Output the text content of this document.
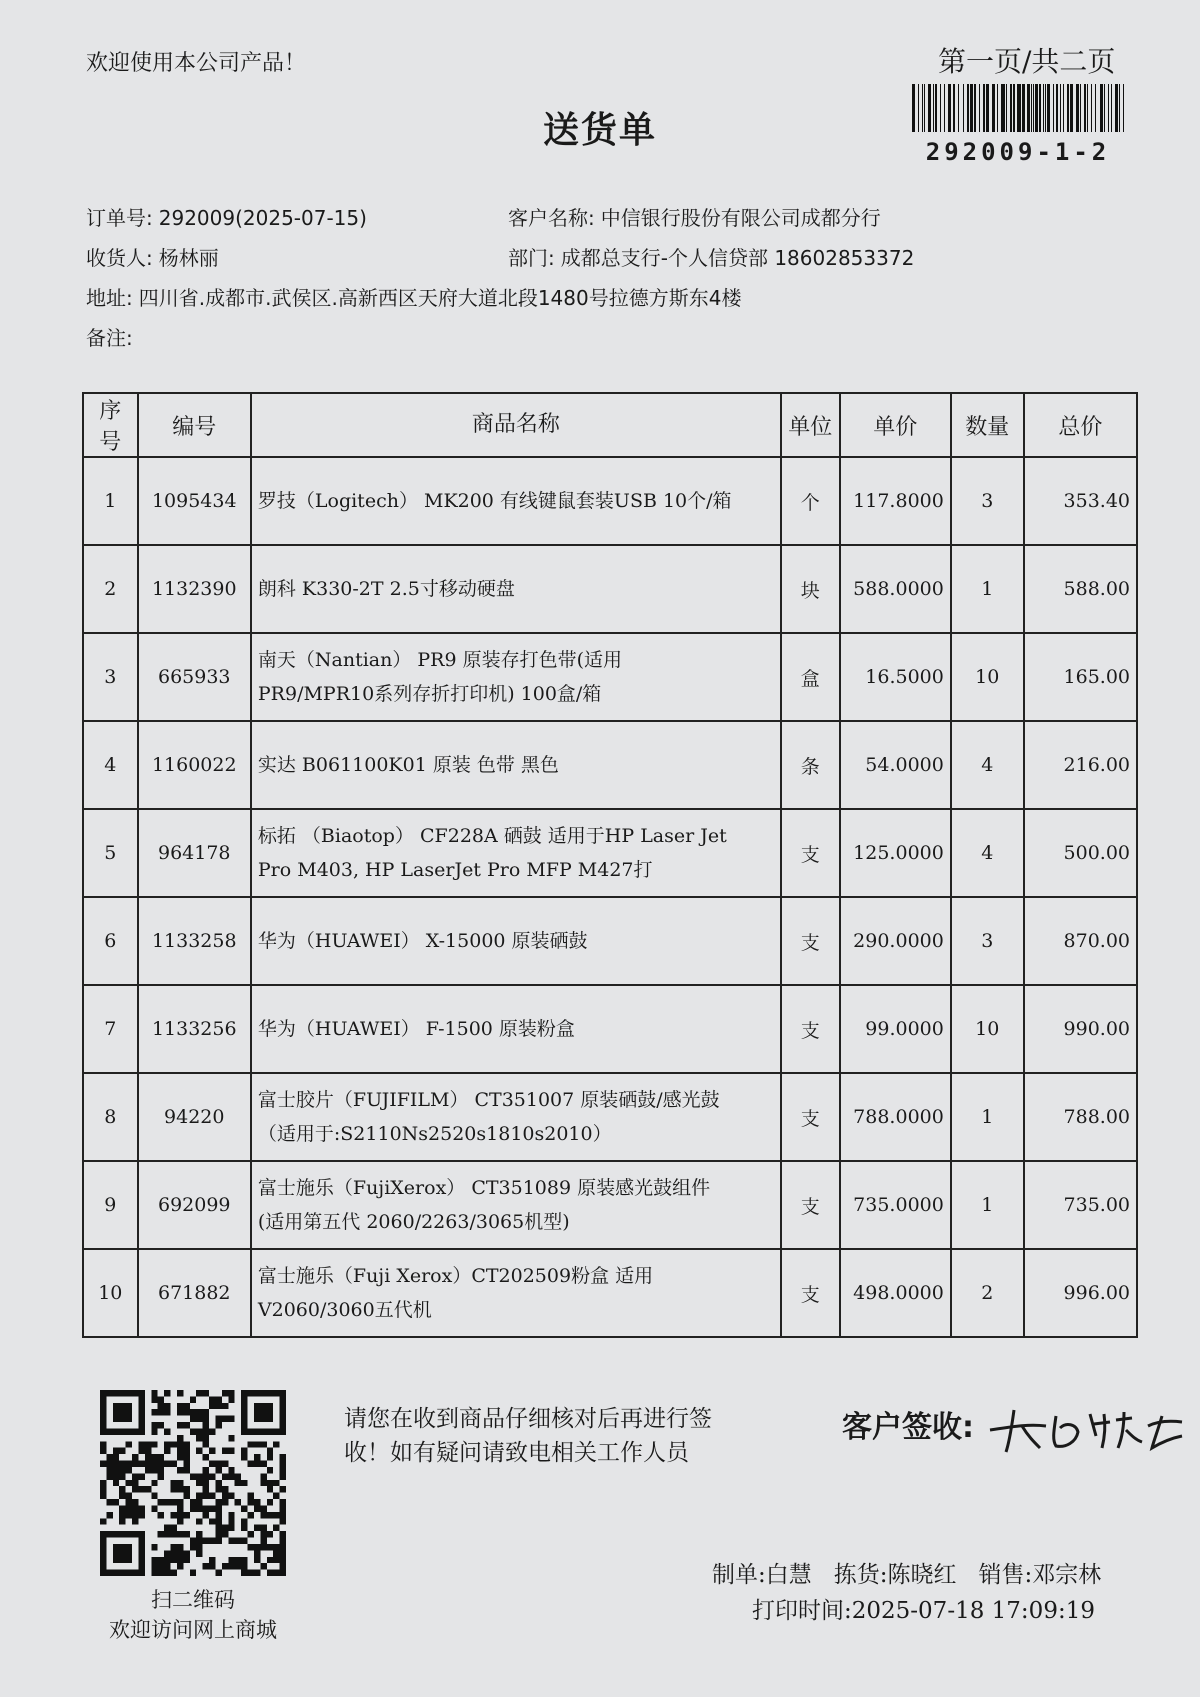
欢迎使用本公司产品！	第一页/共二页
292009-1-2
送货单
订单号: 292009(2025-07-15)	客户名称: 中信银行股份有限公司成都分行
收货人: 杨林丽	部门: 成都总支行-个人信贷部 18602853372
地址: 四川省.成都市.武侯区.高新西区天府大道北段1480号拉德方斯东4楼
备注:
序号	编号	商品名称	单位	单价	数量	总价
1	1095434	罗技（Logitech） MK200 有线键鼠套装USB 10个/箱	个	117.8000	3	353.40
2	1132390	朗科 K330-2T 2.5寸移动硬盘	块	588.0000	1	588.00
3	665933	南天（Nantian） PR9 原装存打色带(适用
PR9/MPR10系列存折打印机) 100盒/箱	盒	16.5000	10	165.00
4	1160022	实达 B061100K01 原装 色带 黑色	条	54.0000	4	216.00
5	964178	标拓 （Biaotop） CF228A 硒鼓 适用于HP Laser Jet
Pro M403, HP LaserJet Pro MFP M427打	支	125.0000	4	500.00
6	1133258	华为（HUAWEI） X-15000 原装硒鼓	支	290.0000	3	870.00
7	1133256	华为（HUAWEI） F-1500 原装粉盒	支	99.0000	10	990.00
8	94220	富士胶片（FUJIFILM） CT351007 原装硒鼓/感光鼓
（适用于:S2110Ns2520s1810s2010）	支	788.0000	1	788.00
9	692099	富士施乐（FujiXerox） CT351089 原装感光鼓组件
(适用第五代 2060/2263/3065机型)	支	735.0000	1	735.00
10	671882	富士施乐（Fuji Xerox）CT202509粉盒 适用
V2060/3060五代机	支	498.0000	2	996.00
扫二维码
欢迎访问网上商城
请您在收到商品仔细核对后再进行签
收！如有疑问请致电相关工作人员
客户签收:
制单:白慧 拣货:陈晓红 销售:邓宗林
打印时间:2025-07-18 17:09:19
